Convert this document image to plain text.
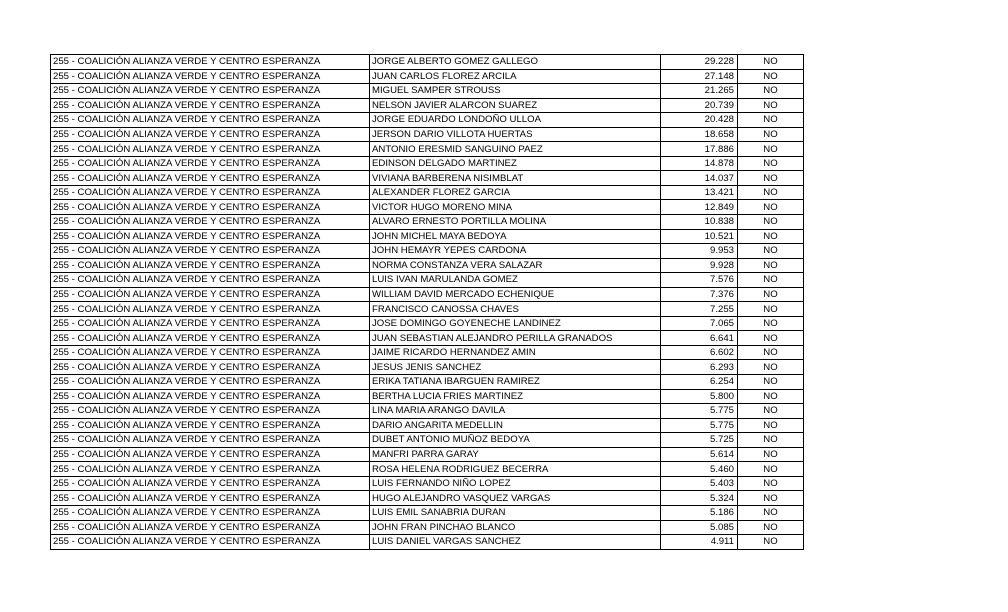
255 - COALICIÓN ALIANZA VERDE Y CENTRO ESPERANZA	JORGE ALBERTO GOMEZ GALLEGO	29.228	NO
255 - COALICIÓN ALIANZA VERDE Y CENTRO ESPERANZA	JUAN CARLOS FLOREZ ARCILA	27.148	NO
255 - COALICIÓN ALIANZA VERDE Y CENTRO ESPERANZA	MIGUEL SAMPER STROUSS	21.265	NO
255 - COALICIÓN ALIANZA VERDE Y CENTRO ESPERANZA	NELSON JAVIER ALARCON SUAREZ	20.739	NO
255 - COALICIÓN ALIANZA VERDE Y CENTRO ESPERANZA	JORGE EDUARDO LONDOÑO ULLOA	20.428	NO
255 - COALICIÓN ALIANZA VERDE Y CENTRO ESPERANZA	JERSON DARIO VILLOTA HUERTAS	18.658	NO
255 - COALICIÓN ALIANZA VERDE Y CENTRO ESPERANZA	ANTONIO ERESMID SANGUINO PAEZ	17.886	NO
255 - COALICIÓN ALIANZA VERDE Y CENTRO ESPERANZA	EDINSON DELGADO MARTINEZ	14.878	NO
255 - COALICIÓN ALIANZA VERDE Y CENTRO ESPERANZA	VIVIANA BARBERENA NISIMBLAT	14.037	NO
255 - COALICIÓN ALIANZA VERDE Y CENTRO ESPERANZA	ALEXANDER FLOREZ GARCIA	13.421	NO
255 - COALICIÓN ALIANZA VERDE Y CENTRO ESPERANZA	VICTOR HUGO MORENO MINA	12.849	NO
255 - COALICIÓN ALIANZA VERDE Y CENTRO ESPERANZA	ALVARO ERNESTO PORTILLA MOLINA	10.838	NO
255 - COALICIÓN ALIANZA VERDE Y CENTRO ESPERANZA	JOHN MICHEL MAYA BEDOYA	10.521	NO
255 - COALICIÓN ALIANZA VERDE Y CENTRO ESPERANZA	JOHN HEMAYR YEPES CARDONA	9.953	NO
255 - COALICIÓN ALIANZA VERDE Y CENTRO ESPERANZA	NORMA CONSTANZA VERA SALAZAR	9.928	NO
255 - COALICIÓN ALIANZA VERDE Y CENTRO ESPERANZA	LUIS IVAN MARULANDA GOMEZ	7.576	NO
255 - COALICIÓN ALIANZA VERDE Y CENTRO ESPERANZA	WILLIAM DAVID MERCADO ECHENIQUE	7.376	NO
255 - COALICIÓN ALIANZA VERDE Y CENTRO ESPERANZA	FRANCISCO CANOSSA CHAVES	7.255	NO
255 - COALICIÓN ALIANZA VERDE Y CENTRO ESPERANZA	JOSE DOMINGO GOYENECHE LANDINEZ	7.065	NO
255 - COALICIÓN ALIANZA VERDE Y CENTRO ESPERANZA	JUAN SEBASTIAN ALEJANDRO PERILLA GRANADOS	6.641	NO
255 - COALICIÓN ALIANZA VERDE Y CENTRO ESPERANZA	JAIME RICARDO HERNANDEZ AMIN	6.602	NO
255 - COALICIÓN ALIANZA VERDE Y CENTRO ESPERANZA	JESUS JENIS SANCHEZ	6.293	NO
255 - COALICIÓN ALIANZA VERDE Y CENTRO ESPERANZA	ERIKA TATIANA IBARGUEN RAMIREZ	6.254	NO
255 - COALICIÓN ALIANZA VERDE Y CENTRO ESPERANZA	BERTHA LUCIA FRIES MARTINEZ	5.800	NO
255 - COALICIÓN ALIANZA VERDE Y CENTRO ESPERANZA	LINA MARIA ARANGO DAVILA	5.775	NO
255 - COALICIÓN ALIANZA VERDE Y CENTRO ESPERANZA	DARIO ANGARITA MEDELLIN	5.775	NO
255 - COALICIÓN ALIANZA VERDE Y CENTRO ESPERANZA	DUBET ANTONIO MUÑOZ BEDOYA	5.725	NO
255 - COALICIÓN ALIANZA VERDE Y CENTRO ESPERANZA	MANFRI PARRA GARAY	5.614	NO
255 - COALICIÓN ALIANZA VERDE Y CENTRO ESPERANZA	ROSA HELENA RODRIGUEZ BECERRA	5.460	NO
255 - COALICIÓN ALIANZA VERDE Y CENTRO ESPERANZA	LUIS FERNANDO NIÑO LOPEZ	5.403	NO
255 - COALICIÓN ALIANZA VERDE Y CENTRO ESPERANZA	HUGO ALEJANDRO VASQUEZ VARGAS	5.324	NO
255 - COALICIÓN ALIANZA VERDE Y CENTRO ESPERANZA	LUIS EMIL SANABRIA DURAN	5.186	NO
255 - COALICIÓN ALIANZA VERDE Y CENTRO ESPERANZA	JOHN FRAN PINCHAO BLANCO	5.085	NO
255 - COALICIÓN ALIANZA VERDE Y CENTRO ESPERANZA	LUIS DANIEL VARGAS SANCHEZ	4.911	NO
